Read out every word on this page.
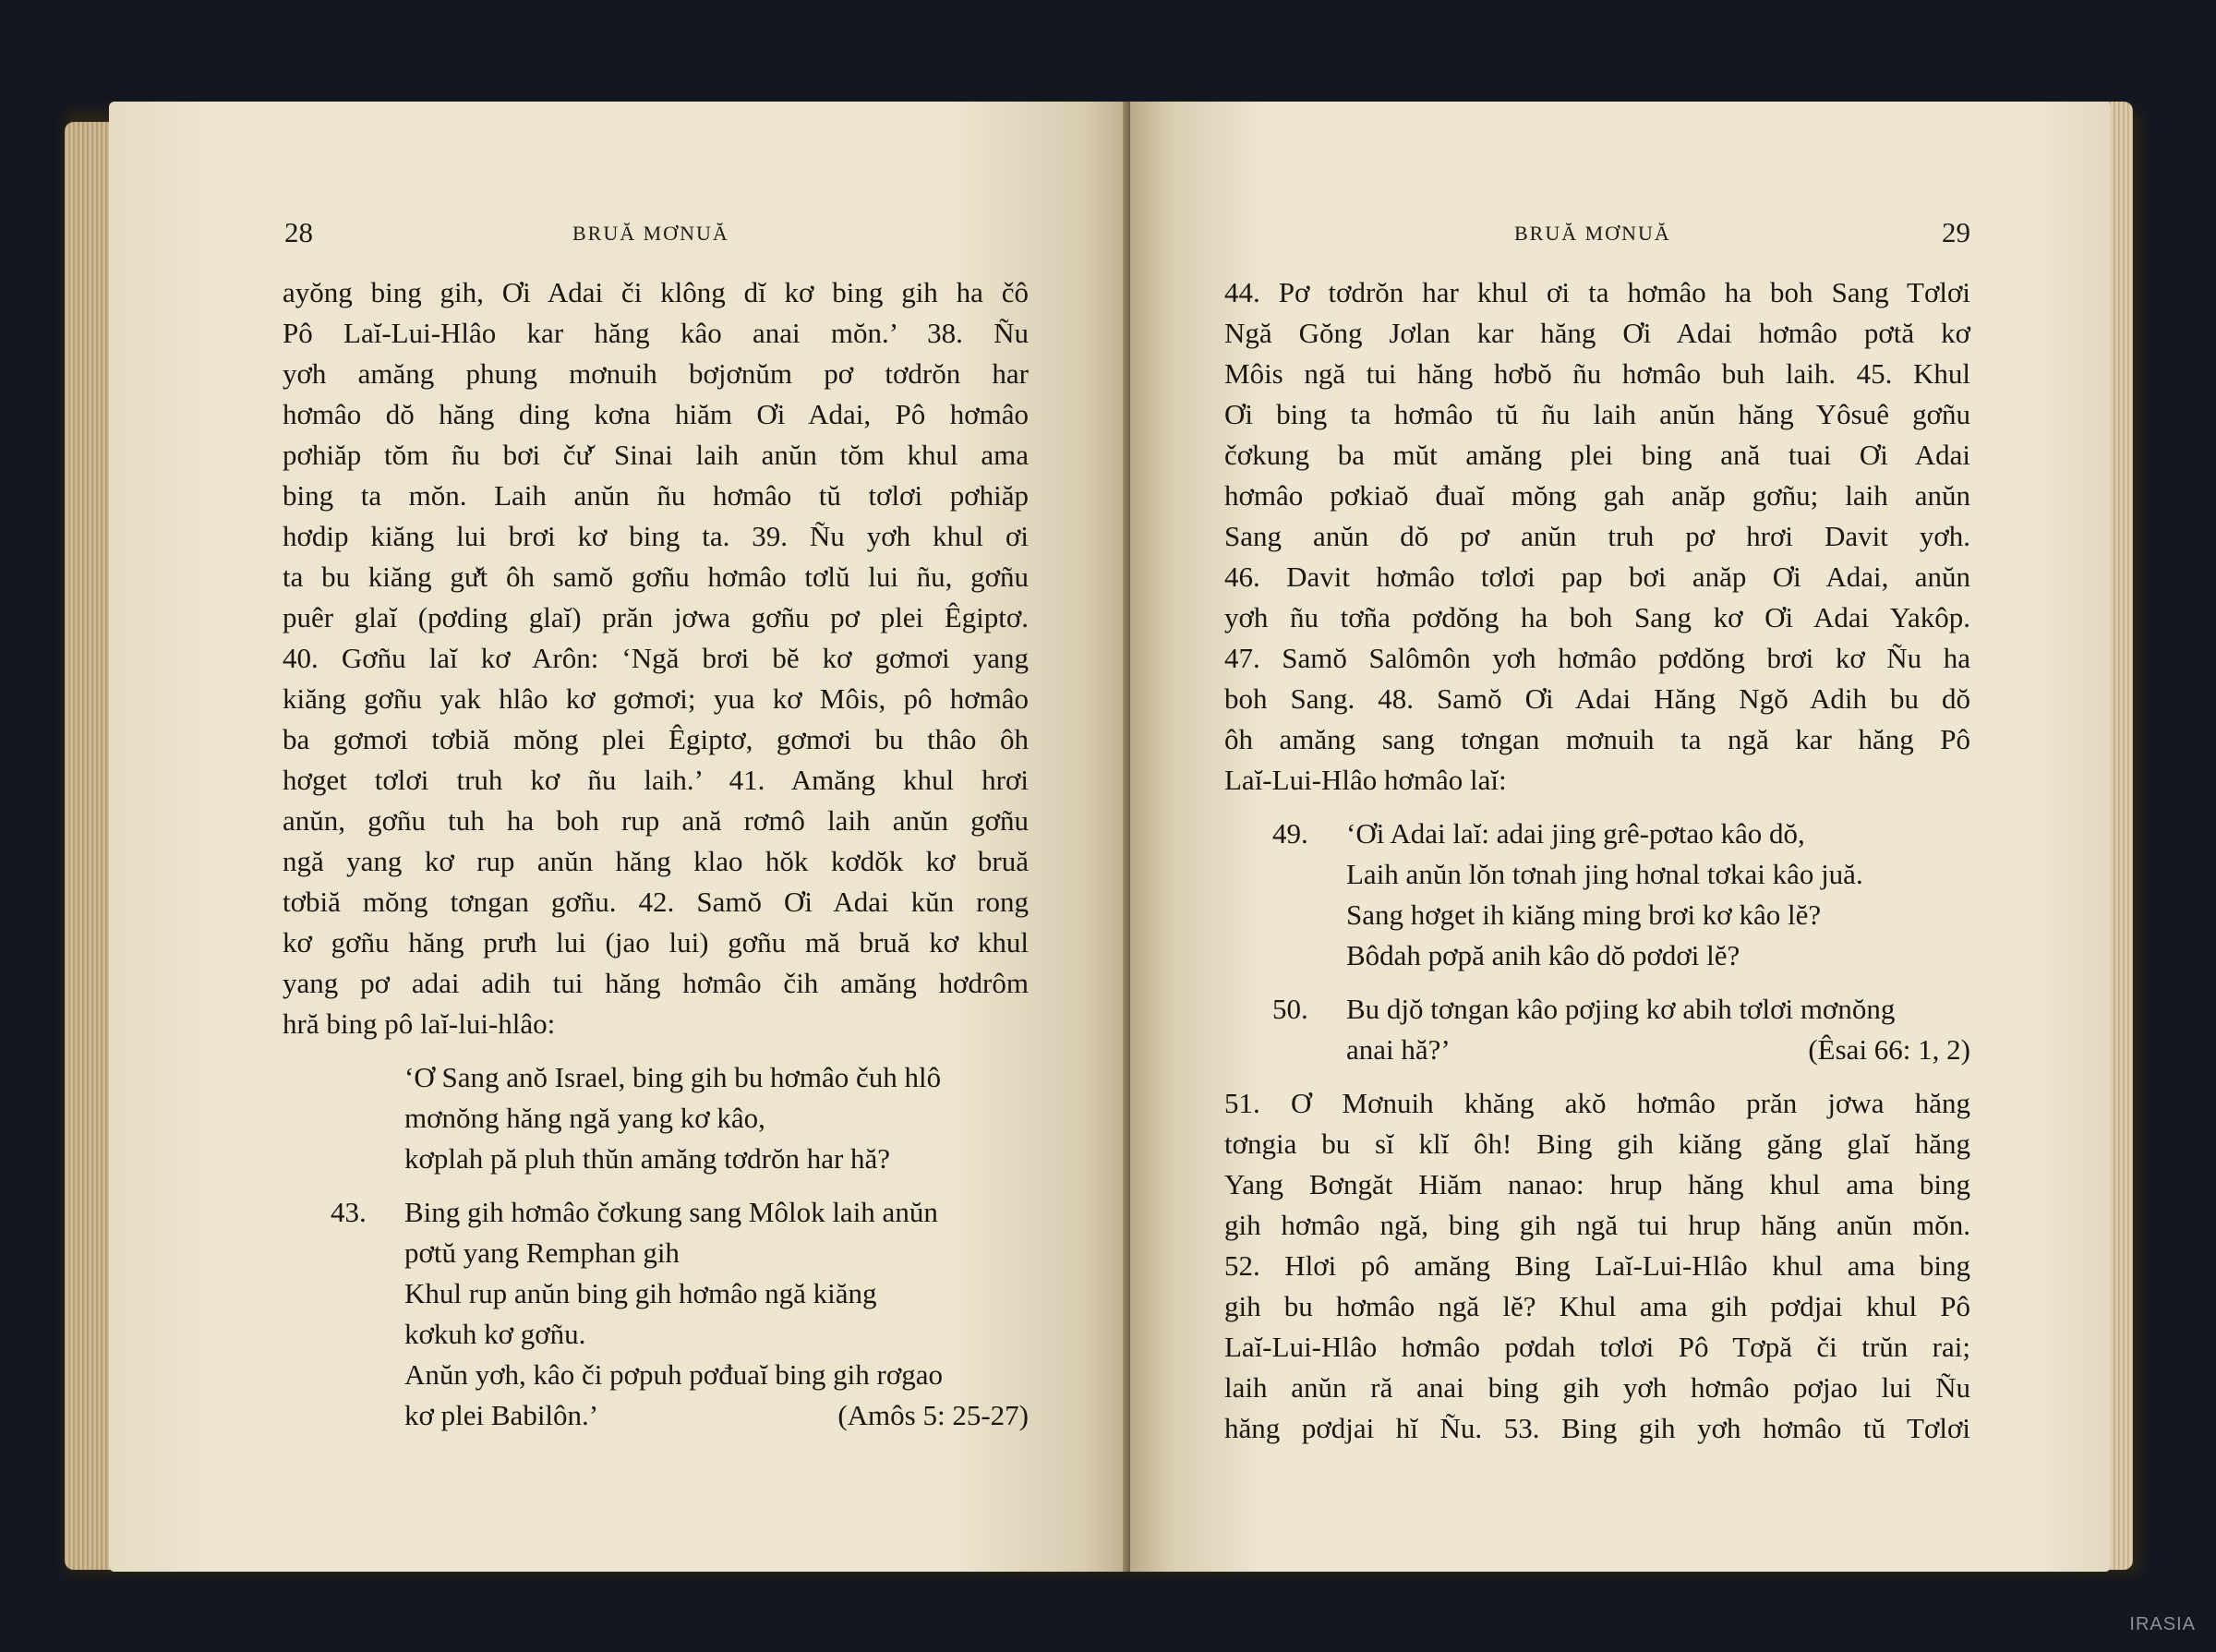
28	BRUĂ MƠNUĂ
ayŏng bing gih, Ơi Adai či klông dĭ kơ bing gih ha čô
Pô Laĭ-Lui-Hlâo kar hăng kâo anai mŏn.’ 38. Ñu
yơh amăng phung mơnuih bơjơnŭm pơ tơdrŏn har
hơmâo dŏ hăng ding kơna hiăm Ơi Adai, Pô hơmâo
pơhiăp tŏm ñu bơi čư̆ Sinai laih anŭn tŏm khul ama
bing ta mŏn. Laih anŭn ñu hơmâo tŭ tơlơi pơhiăp
hơdip kiăng lui brơi kơ bing ta. 39. Ñu yơh khul ơi
ta bu kiăng gư̆t ôh samŏ gơñu hơmâo tơlŭ lui ñu, gơñu
puêr glaĭ (pơding glaĭ) prăn jơwa gơñu pơ plei Êgiptơ.
40. Gơñu laĭ kơ Arôn: ‘Ngă brơi bĕ kơ gơmơi yang
kiăng gơñu yak hlâo kơ gơmơi; yua kơ Môis, pô hơmâo
ba gơmơi tơbiă mŏng plei Êgiptơ, gơmơi bu thâo ôh
hơget tơlơi truh kơ ñu laih.’ 41. Amăng khul hrơi
anŭn, gơñu tuh ha boh rup ană rơmô laih anŭn gơñu
ngă yang kơ rup anŭn hăng klao hŏk kơdŏk kơ bruă
tơbiă mŏng tơngan gơñu. 42. Samŏ Ơi Adai kŭn rong
kơ gơñu hăng prưh lui (jao lui) gơñu mă bruă kơ khul
yang pơ adai adih tui hăng hơmâo čih amăng hơdrôm
hră bing pô laĭ-lui-hlâo:
‘Ơ Sang anŏ Israel, bing gih bu hơmâo čuh hlô
mơnŏng hăng ngă yang kơ kâo,
kơplah pă pluh thŭn amăng tơdrŏn har hă?
43.	Bing gih hơmâo čơkung sang Môlok laih anŭn
pơtŭ yang Remphan gih
Khul rup anŭn bing gih hơmâo ngă kiăng
kơkuh kơ gơñu.
Anŭn yơh, kâo či pơpuh pơđuaĭ bing gih rơgao
kơ plei Babilôn.’	(Amôs 5: 25-27)
BRUĂ MƠNUĂ	29
44. Pơ tơdrŏn har khul ơi ta hơmâo ha boh Sang Tơlơi
Ngă Gŏng Jơlan kar hăng Ơi Adai hơmâo pơtă kơ
Môis ngă tui hăng hơbŏ ñu hơmâo buh laih. 45. Khul
Ơi bing ta hơmâo tŭ ñu laih anŭn hăng Yôsuê gơñu
čơkung ba mŭt amăng plei bing ană tuai Ơi Adai
hơmâo pơkiaŏ đuaĭ mŏng gah anăp gơñu; laih anŭn
Sang anŭn dŏ pơ anŭn truh pơ hrơi Davit yơh.
46. Davit hơmâo tơlơi pap bơi anăp Ơi Adai, anŭn
yơh ñu tơña pơdŏng ha boh Sang kơ Ơi Adai Yakôp.
47. Samŏ Salômôn yơh hơmâo pơdŏng brơi kơ Ñu ha
boh Sang. 48. Samŏ Ơi Adai Hăng Ngŏ Adih bu dŏ
ôh amăng sang tơngan mơnuih ta ngă kar hăng Pô
Laĭ-Lui-Hlâo hơmâo laĭ:
49.	‘Ơi Adai laĭ: adai jing grê-pơtao kâo dŏ,
Laih anŭn lŏn tơnah jing hơnal tơkai kâo juă.
Sang hơget ih kiăng ming brơi kơ kâo lĕ?
Bôdah pơpă anih kâo dŏ pơdơi lĕ?
50.	Bu djŏ tơngan kâo pơjing kơ abih tơlơi mơnŏng
anai hă?’	(Êsai 66: 1, 2)
51. Ơ Mơnuih khăng akŏ hơmâo prăn jơwa hăng
tơngia bu sĭ klĭ ôh! Bing gih kiăng găng glaĭ hăng
Yang Bơngăt Hiăm nanao: hrup hăng khul ama bing
gih hơmâo ngă, bing gih ngă tui hrup hăng anŭn mŏn.
52. Hlơi pô amăng Bing Laĭ-Lui-Hlâo khul ama bing
gih bu hơmâo ngă lĕ? Khul ama gih pơdjai khul Pô
Laĭ-Lui-Hlâo hơmâo pơdah tơlơi Pô Tơpă či trŭn rai;
laih anŭn ră anai bing gih yơh hơmâo pơjao lui Ñu
hăng pơdjai hĭ Ñu. 53. Bing gih yơh hơmâo tŭ Tơlơi
IRASIA
